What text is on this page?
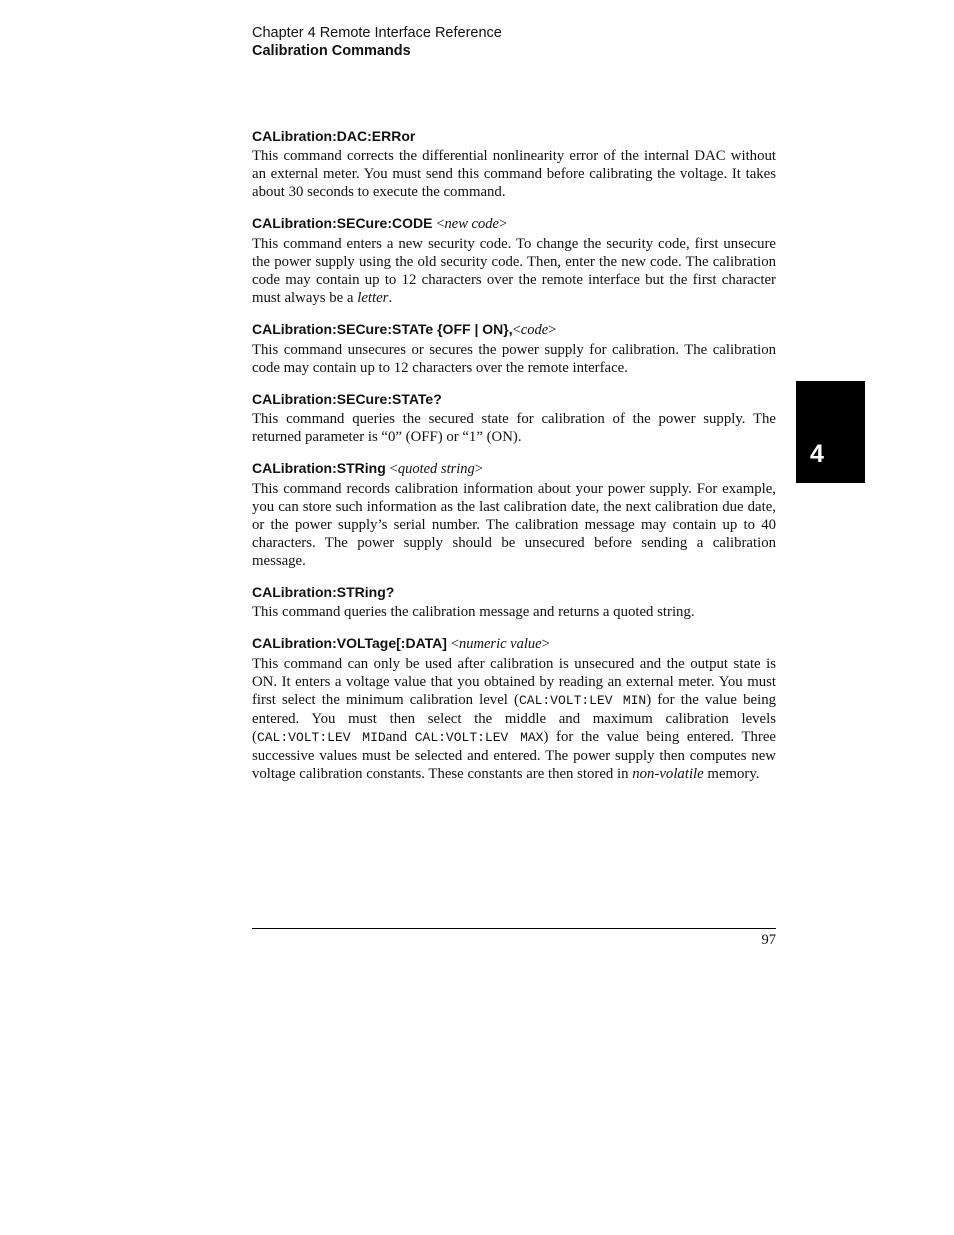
Chapter 4 Remote Interface Reference
Calibration Commands
4
CALibration:DAC:ERRor

This command corrects the differential nonlinearity error of the internal DAC without an external meter. You must send this command before calibrating the voltage. It takes about 30 seconds to execute the command.

CALibration:SECure:CODE <new code>

This command enters a new security code. To change the security code, first unsecure the power supply using the old security code. Then, enter the new code. The calibration code may contain up to 12 characters over the remote interface but the first character must always be a letter.

CALibration:SECure:STATe {OFF | ON},<code>

This command unsecures or secures the power supply for calibration. The calibration code may contain up to 12 characters over the remote interface.

CALibration:SECure:STATe?

This command queries the secured state for calibration of the power supply. The returned parameter is “0” (OFF) or “1” (ON).

CALibration:STRing <quoted string>

This command records calibration information about your power supply. For example, you can store such information as the last calibration date, the next calibration due date, or the power supply’s serial number. The calibration message may contain up to 40 characters. The power supply should be unsecured before sending a calibration message.

CALibration:STRing?

This command queries the calibration message and returns a quoted string.

CALibration:VOLTage[:DATA] <numeric value>

This command can only be used after calibration is unsecured and the output state is ON. It enters a voltage value that you obtained by reading an external meter. You must first select the minimum calibration level (CAL:VOLT:LEV MIN) for the value being entered. You must then select the middle and maximum calibration levels (CAL:VOLT:LEV MIDand CAL:VOLT:LEV MAX) for the value being entered. Three successive values must be selected and entered. The power supply then computes new voltage calibration constants. These constants are then stored in non-volatile memory.

97
